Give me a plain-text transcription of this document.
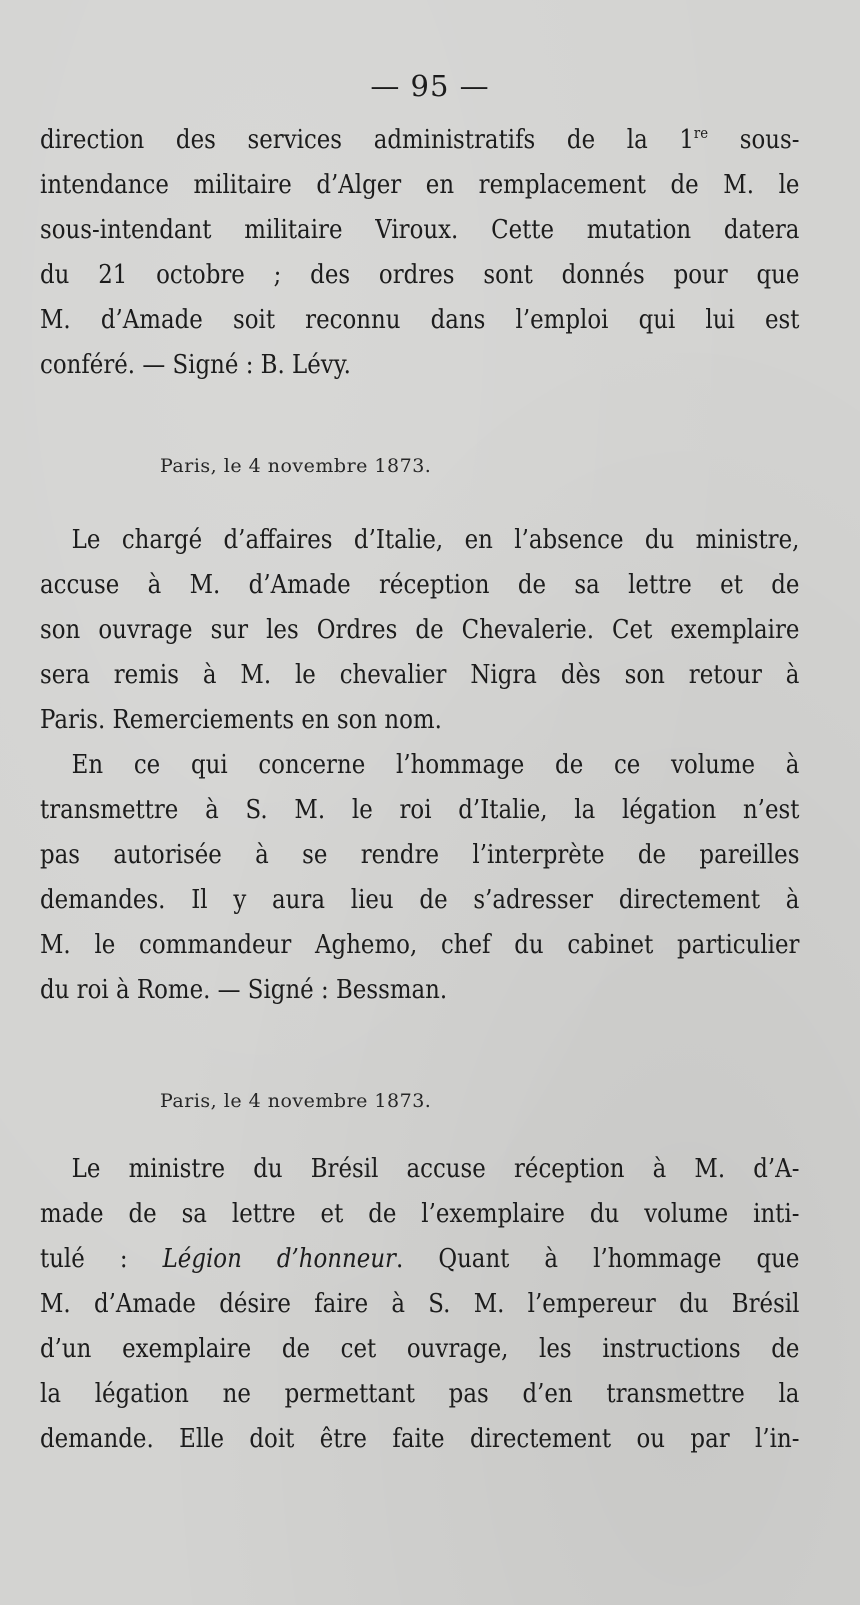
— 95 —
direction des services administratifs de la 1re sous-
intendance militaire d’Alger en remplacement de M. le
sous-intendant militaire Viroux. Cette mutation datera
du 21 octobre ; des ordres sont donnés pour que
M. d’Amade soit reconnu dans l’emploi qui lui est
conféré. — Signé : B. Lévy.
Paris, le 4 novembre 1873.
Le chargé d’affaires d’Italie, en l’absence du ministre,
accuse à M. d’Amade réception de sa lettre et de
son ouvrage sur les Ordres de Chevalerie. Cet exemplaire
sera remis à M. le chevalier Nigra dès son retour à
Paris. Remerciements en son nom.
En ce qui concerne l’hommage de ce volume à
transmettre à S. M. le roi d’Italie, la légation n’est
pas autorisée à se rendre l’interprète de pareilles
demandes. Il y aura lieu de s’adresser directement à
M. le commandeur Aghemo, chef du cabinet particulier
du roi à Rome. — Signé : Bessman.
Paris, le 4 novembre 1873.
Le ministre du Brésil accuse réception à M. d’A-
made de sa lettre et de l’exemplaire du volume inti-
tulé : Légion d’honneur. Quant à l’hommage que
M. d’Amade désire faire à S. M. l’empereur du Brésil
d’un exemplaire de cet ouvrage, les instructions de
la légation ne permettant pas d’en transmettre la
demande. Elle doit être faite directement ou par l’in-
